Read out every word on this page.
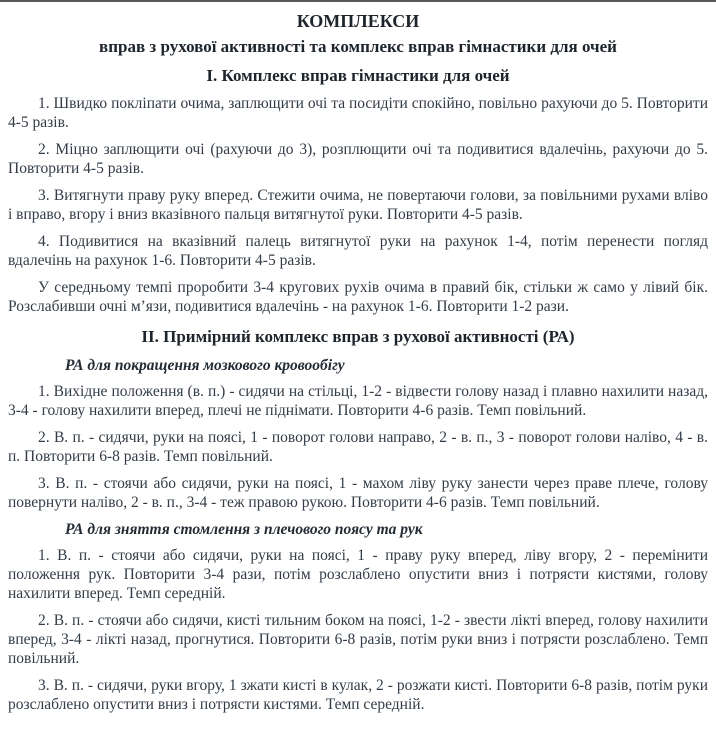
КОМПЛЕКСИ
вправ з рухової активності та комплекс вправ гімнастики для очей
I. Комплекс вправ гімнастики для очей

1. Швидко покліпати очима, заплющити очі та посидіти спокійно, повільно рахуючи до 5. Повторити 4-5 разів.

2. Міцно заплющити очі (рахуючи до 3), розплющити очі та подивитися вдалечінь, рахуючи до 5. Повторити 4-5 разів.

3. Витягнути праву руку вперед. Стежити очима, не повертаючи голови, за повільними рухами вліво і вправо, вгору і вниз вказівного пальця витягнутої руки. Повторити 4-5 разів.

4. Подивитися на вказівний палець витягнутої руки на рахунок 1-4, потім перенести погляд вдалечінь на рахунок 1-6. Повторити 4-5 разів.

У середньому темпі проробити 3-4 кругових рухів очима в правий бік, стільки ж само у лівий бік. Розслабивши очні м’язи, подивитися вдалечінь - на рахунок 1-6. Повторити 1-2 рази.

II. Примірний комплекс вправ з рухової активності (РА)
РА для покращення мозкового кровообігу

1. Вихідне положення (в. п.) - сидячи на стільці, 1-2 - відвести голову назад і плавно нахилити назад, 3-4 - голову нахилити вперед, плечі не піднімати. Повторити 4-6 разів. Темп повільний.

2. В. п. - сидячи, руки на поясі, 1 - поворот голови направо, 2 - в. п., 3 - поворот голови наліво, 4 - в. п. Повторити 6-8 разів. Темп повільний.

3. В. п. - стоячи або сидячи, руки на поясі, 1 - махом ліву руку занести через праве плече, голову повернути наліво, 2 - в. п., 3-4 - теж правою рукою. Повторити 4-6 разів. Темп повільний.

РА для зняття стомлення з плечового поясу та рук

1. В. п. - стоячи або сидячи, руки на поясі, 1 - праву руку вперед, ліву вгору, 2 - перемінити положення рук. Повторити 3-4 рази, потім розслаблено опустити вниз і потрясти кистями, голову нахилити вперед. Темп середній.

2. В. п. - стоячи або сидячи, кисті тильним боком на поясі, 1-2 - звести лікті вперед, голову нахилити вперед, 3-4 - лікті назад, прогнутися. Повторити 6-8 разів, потім руки вниз і потрясти розслаблено. Темп повільний.

3. В. п. - сидячи, руки вгору, 1 зжати кисті в кулак, 2 - розжати кисті. Повторити 6-8 разів, потім руки розслаблено опустити вниз і потрясти кистями. Темп середній.
